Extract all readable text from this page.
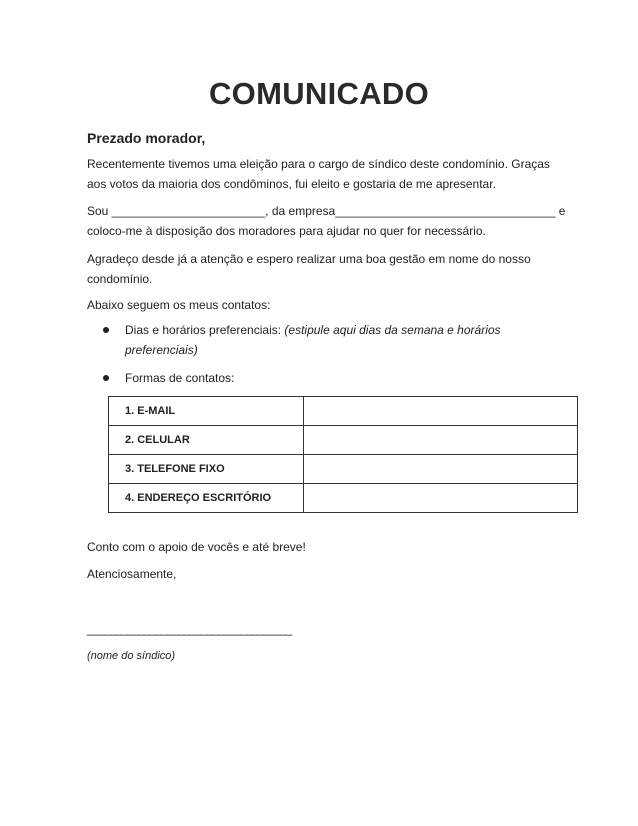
COMUNICADO
Prezado morador,
Recentemente tivemos uma eleição para o cargo de síndico deste condomínio. Graças aos votos da maioria dos condôminos, fui eleito e gostaria de me apresentar.
Sou _______________________, da empresa_________________________________ e coloco-me à disposição dos moradores para ajudar no quer for necessário.
Agradeço desde já a atenção e espero realizar uma boa gestão em nome do nosso condomínio.
Abaixo seguem os meus contatos:
Dias e horários preferenciais: (estipule aqui dias da semana e horários preferenciais)
Formas de contatos:
1. E-MAIL	
2. CELULAR	
3. TELEFONE FIXO	
4. ENDEREÇO ESCRITÓRIO	
Conto com o apoio de vocês e até breve!
Atenciosamente,
____________________________________
(nome do síndico)
